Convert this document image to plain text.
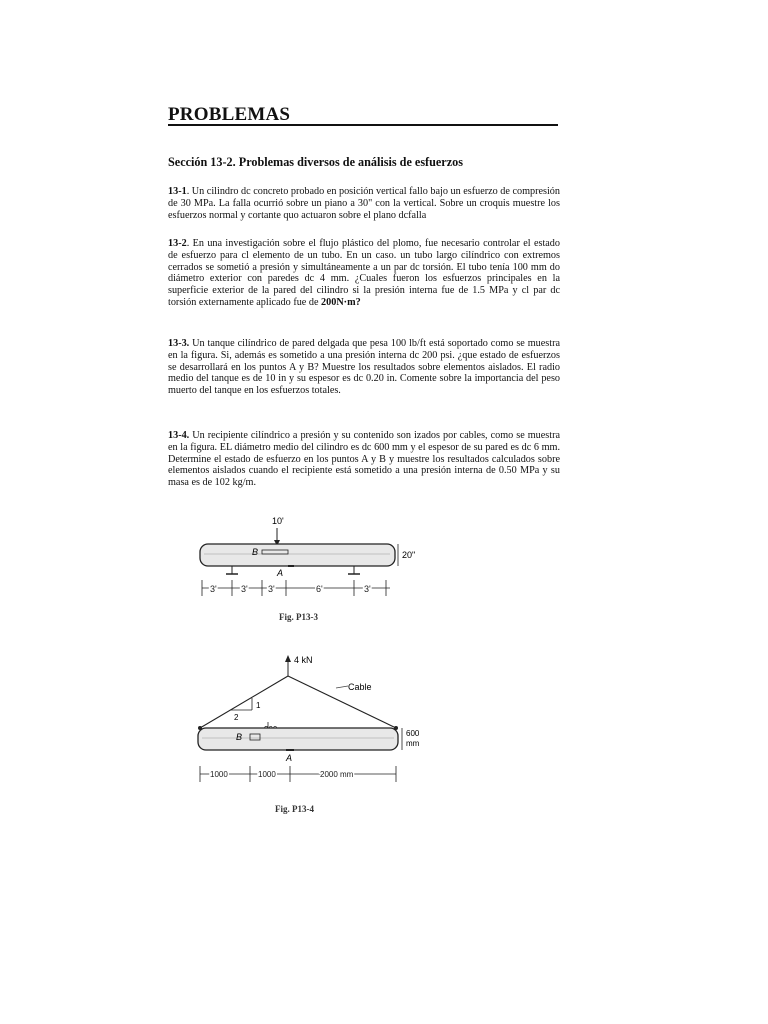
PROBLEMAS
Sección 13-2. Problemas diversos de análisis de esfuerzos
13-1. Un cilindro dc concreto probado en posición vertical fallo bajo un esfuerzo de compresión de 30 MPa. La falla ocurrió sobre un piano a 30" con la vertical. Sobre un croquis muestre los esfuerzos normal y cortante quo actuaron sobre el plano dcfalla
13-2. En una investigación sobre el flujo plástico del plomo, fue necesario controlar el estado de esfuerzo para cl elemento de un tubo. En un caso. un tubo largo cilíndrico con extremos cerrados se sometió a presión y simultáneamente a un par dc torsión. El tubo tenía 100 mm do diámetro exterior con paredes dc 4 mm. ¿Cuales fueron los esfuerzos principales en la superficie exterior de la pared del cilindro si la presión interna fue de 1.5 MPa y cl par dc torsión externamente aplicado fue de 200N·m?
13-3. Un tanque cilíndrico de pared delgada que pesa 100 lb/ft está soportado como se muestra en la figura. Si, además es sometido a una presión interna dc 200 psi. ¿que estado de esfuerzos se desarrollará en los puntos A y B? Muestre los resultados sobre elementos aislados. El radio medio del tanque es de 10 in y su espesor es dc 0.20 in. Comente sobre la importancia del peso muerto del tanque en los esfuerzos totales.
13-4. Un recipiente cilíndrico a presión y su contenido son izados por cables, como se muestra en la figura. EL diámetro medio del cilindro es dc 600 mm y el espesor de su pared es dc 6 mm. Determine el estado de esfuerzo en los puntos A y B y muestre los resultados calculados sobre elementos aislados cuando el recipiente está sometido a una presión interna de 0.50 MPa y su masa es de 102 kg/m.
10'
B
A
20"
3'	3' 3'	6'	3'
Fig. P13-3
4 kN
Cable
1
2
B
A
600
mm
1000	1000	2000 mm
Fig. P13-4
